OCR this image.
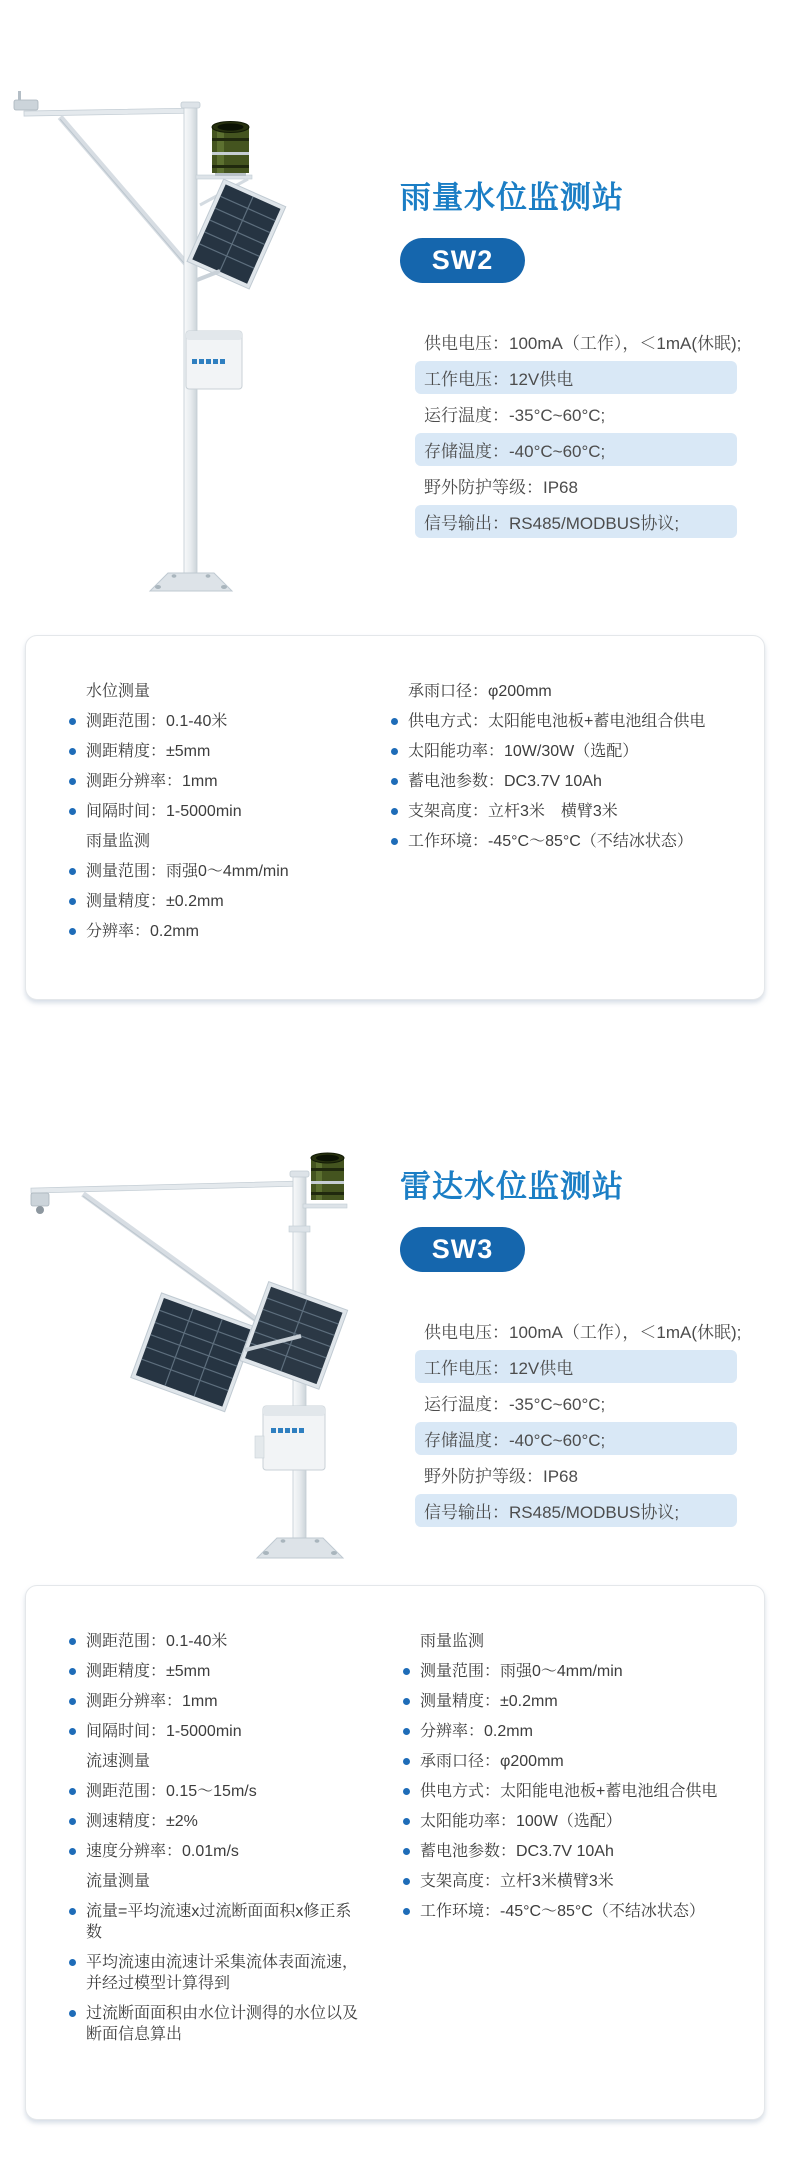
雨量水位监测站
SW2
供电电压：100mA（工作），＜1mA(休眠);
工作电压：12V供电
运行温度：-35°C~60°C;
存储温度：-40°C~60°C;
野外防护等级：IP68
信号输出：RS485/MODBUS协议;
水位测量
测距范围：0.1-40米
测距精度：±5mm
测距分辨率：1mm
间隔时间：1-5000min
雨量监测
测量范围：雨强0～4mm/min
测量精度：±0.2mm
分辨率：0.2mm
承雨口径：φ200mm
供电方式：太阳能电池板+蓄电池组合供电
太阳能功率：10W/30W（选配）
蓄电池参数：DC3.7V 10Ah
支架高度：立杆3米　横臂3米
工作环境：-45°C～85°C（不结冰状态）
雷达水位监测站
SW3
供电电压：100mA（工作），＜1mA(休眠);
工作电压：12V供电
运行温度：-35°C~60°C;
存储温度：-40°C~60°C;
野外防护等级：IP68
信号输出：RS485/MODBUS协议;
测距范围：0.1-40米
测距精度：±5mm
测距分辨率：1mm
间隔时间：1-5000min
流速测量
测距范围：0.15～15m/s
测速精度：±2%
速度分辨率：0.01m/s
流量测量
流量=平均流速x过流断面面积x修正系数
平均流速由流速计采集流体表面流速，并经过模型计算得到
过流断面面积由水位计测得的水位以及断面信息算出
雨量监测
测量范围：雨强0～4mm/min
测量精度：±0.2mm
分辨率：0.2mm
承雨口径：φ200mm
供电方式：太阳能电池板+蓄电池组合供电
太阳能功率：100W（选配）
蓄电池参数：DC3.7V 10Ah
支架高度：立杆3米横臂3米
工作环境：-45°C～85°C（不结冰状态）
